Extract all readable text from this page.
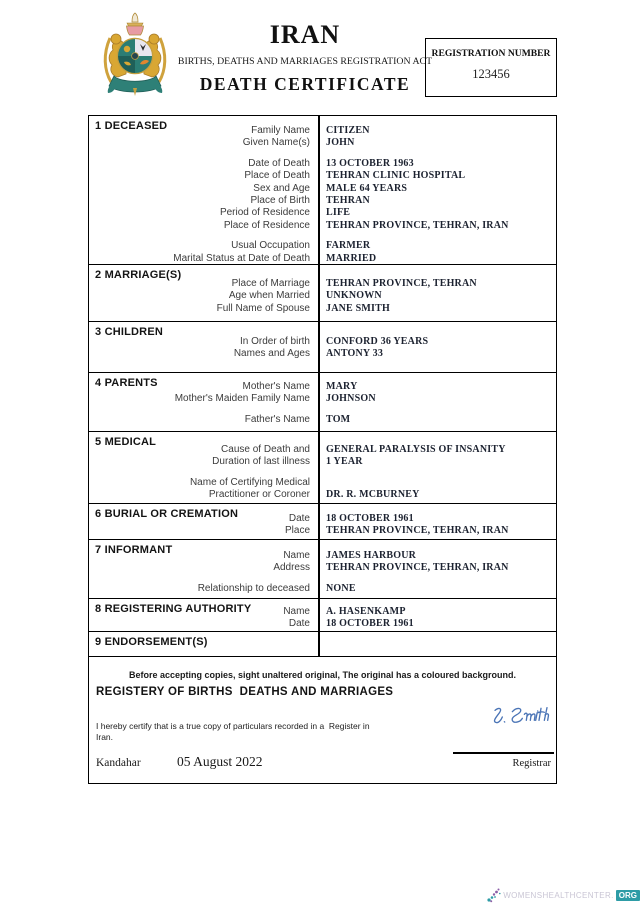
IRAN
BIRTHS, DEATHS AND MARRIAGES REGISTRATION ACT
DEATH CERTIFICATE
REGISTRATION NUMBER
123456
1 DECEASED	Family Name	CITIZEN
Given Name(s)	JOHN
Date of Death	13 OCTOBER 1963
Place of Death	TEHRAN CLINIC HOSPITAL
Sex and Age	MALE 64 YEARS
Place of Birth	TEHRAN
Period of Residence	LIFE
Place of Residence	TEHRAN PROVINCE, TEHRAN, IRAN
Usual Occupation	FARMER
Marital Status at Date of Death	MARRIED
2 MARRIAGE(S)
Place of Marriage	TEHRAN PROVINCE, TEHRAN
Age when Married	UNKNOWN
Full Name of Spouse	JANE SMITH
3 CHILDREN
In Order of birth	CONFORD 36 YEARS
Names and Ages	ANTONY 33
4 PARENTS	Mother's Name	MARY
Mother's Maiden Family Name	JOHNSON
Father's Name	TOM
5 MEDICAL
Cause of Death and	GENERAL PARALYSIS OF INSANITY
Duration of last illness	1 YEAR
Name of Certifying Medical
Practitioner or Coroner	DR. R. MCBURNEY
6 BURIAL OR CREMATION	Date	18 OCTOBER 1961
Place	TEHRAN PROVINCE, TEHRAN, IRAN
7 INFORMANT	Name	JAMES HARBOUR
Address	TEHRAN PROVINCE, TEHRAN, IRAN
Relationship to deceased	NONE
8 REGISTERING AUTHORITY	Name	A. HASENKAMP
Date	18 OCTOBER 1961
9 ENDORSEMENT(S)

Before accepting copies, sight unaltered original, The original has a coloured background.

REGISTERY OF BIRTHS  DEATHS AND MARRIAGES
I hereby certify that is a true copy of particulars recorded in a  Register in
Iran.
Registrar
Kandahar	05 August 2022
WOMENSHEALTHCENTER. ORG
